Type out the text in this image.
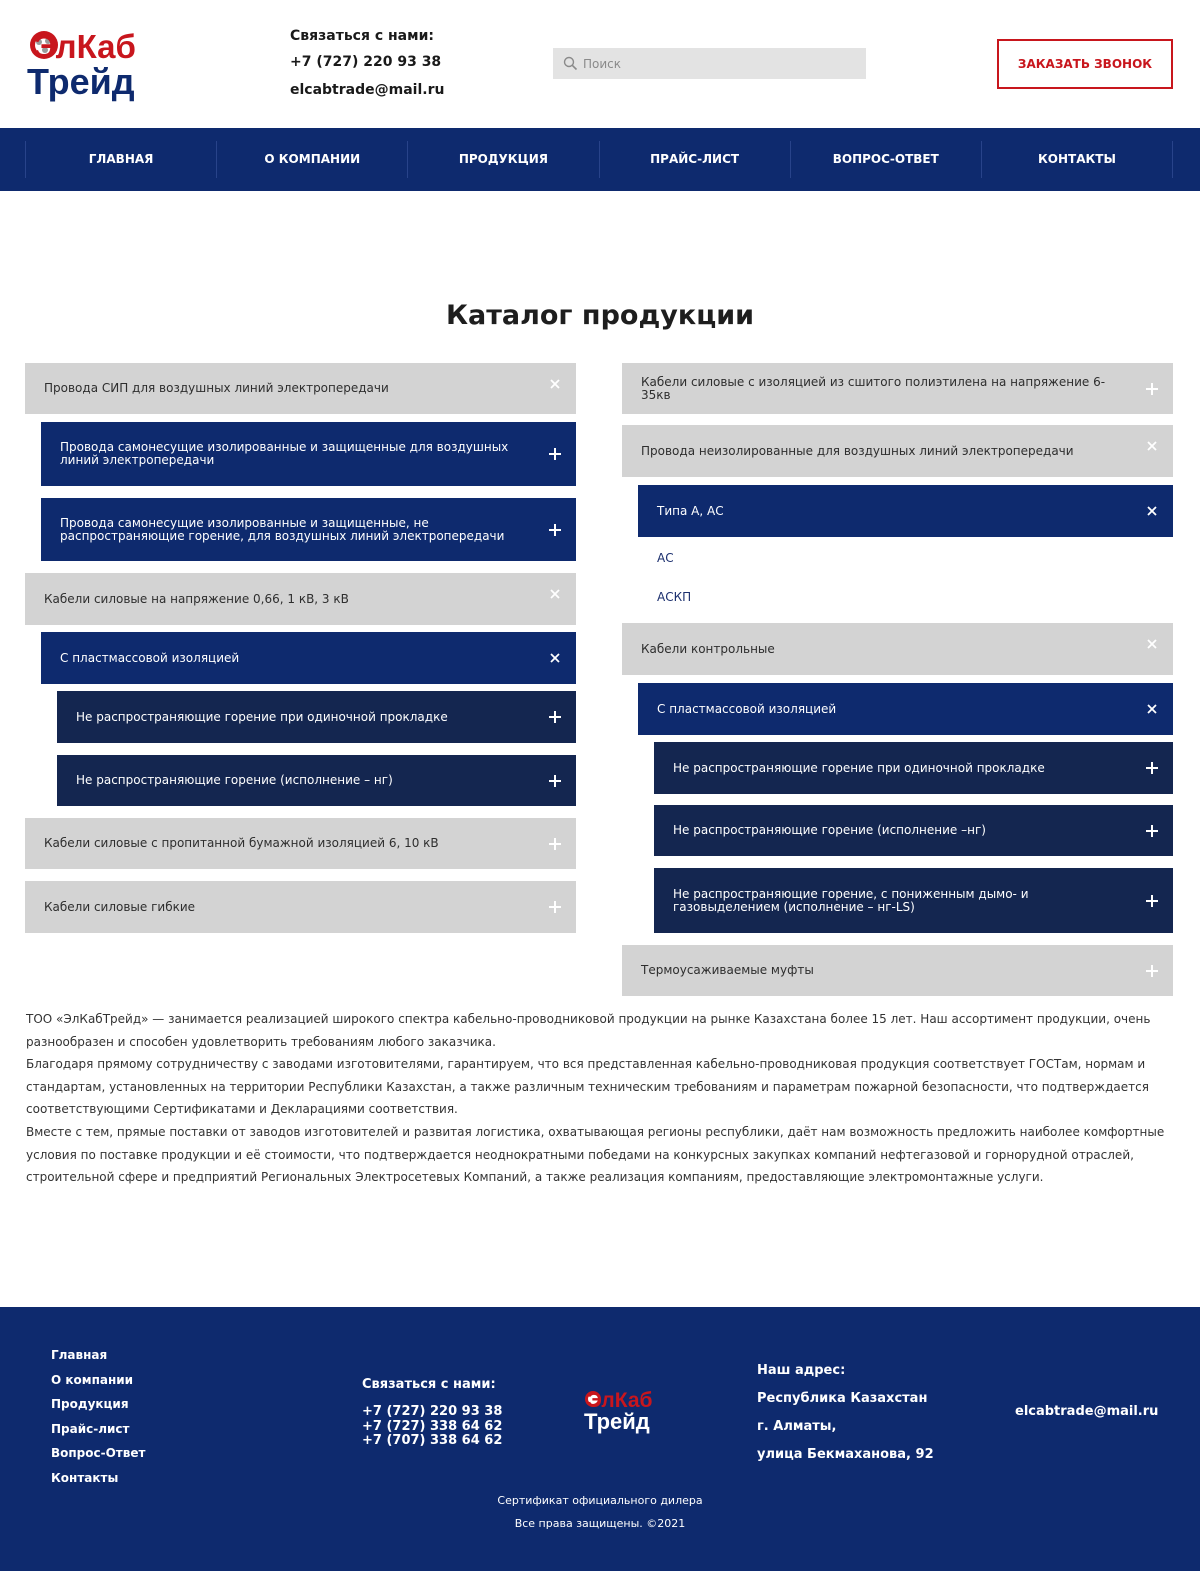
ЭлКаб
Трейд
Связаться с нами:
+7 (727) 220 93 38
elcabtrade@mail.ru
Поиск
ЗАКАЗАТЬ ЗВОНОК
ГЛАВНАЯ	О КОМПАНИИ	ПРОДУКЦИЯ	ПРАЙС-ЛИСТ	ВОПРОС-ОТВЕТ	КОНТАКТЫ
Каталог продукции
Провода СИП для воздушных линий электропередачи
Провода самонесущие изолированные и защищенные для воздушных линий электропередачи
Провода самонесущие изолированные и защищенные, не распространяющие горение, для воздушных линий электропередачи
Кабели силовые на напряжение 0,66, 1 кВ, 3 кВ
С пластмассовой изоляцией
Не распространяющие горение при одиночной прокладке
Не распространяющие горение (исполнение – нг)
Кабели силовые с пропитанной бумажной изоляцией 6, 10 кВ
Кабели силовые гибкие
Кабели силовые с изоляцией из сшитого полиэтилена на напряжение 6-35кв
Провода неизолированные для воздушных линий электропередачи
Типа А, АС
АС
АСКП
Кабели контрольные
С пластмассовой изоляцией
Не распространяющие горение при одиночной прокладке
Не распространяющие горение (исполнение –нг)
Не распространяющие горение, с пониженным дымо- и газовыделением (исполнение – нг-LS)
Термоусаживаемые муфты

ТОО «ЭлКабТрейд» — занимается реализацией широкого спектра кабельно-проводниковой продукции на рынке Казахстана более 15 лет. Наш ассортимент продукции, очень разнообразен и способен удовлетворить требованиям любого заказчика.

Благодаря прямому сотрудничеству с заводами изготовителями, гарантируем, что вся представленная кабельно-проводниковая продукция соответствует ГОСТам, нормам и стандартам, установленных на территории Республики Казахстан, а также различным техническим требованиям и параметрам пожарной безопасности, что подтверждается соответствующими Сертификатами и Декларациями соответствия.

Вместе с тем, прямые поставки от заводов изготовителей и развитая логистика, охватывающая регионы республики, даёт нам возможность предложить наиболее комфортные условия по поставке продукции и её стоимости, что подтверждается неоднократными победами на конкурсных закупках компаний нефтегазовой и горнорудной отраслей, строительной сфере и предприятий Региональных Электросетевых Компаний, а также реализация компаниям, предоставляющие электромонтажные услуги.

Главная
О компании
Продукция
Прайс-лист
Вопрос-Ответ
Контакты
Связаться с нами:
+7 (727) 220 93 38
+7 (727) 338 64 62
+7 (707) 338 64 62
ЭлКаб
Трейд
Наш адрес:
Республика Казахстан
г. Алматы,
улица Бекмаханова, 92
elcabtrade@mail.ru
Сертификат официального дилера
Все права защищены. ©2021
